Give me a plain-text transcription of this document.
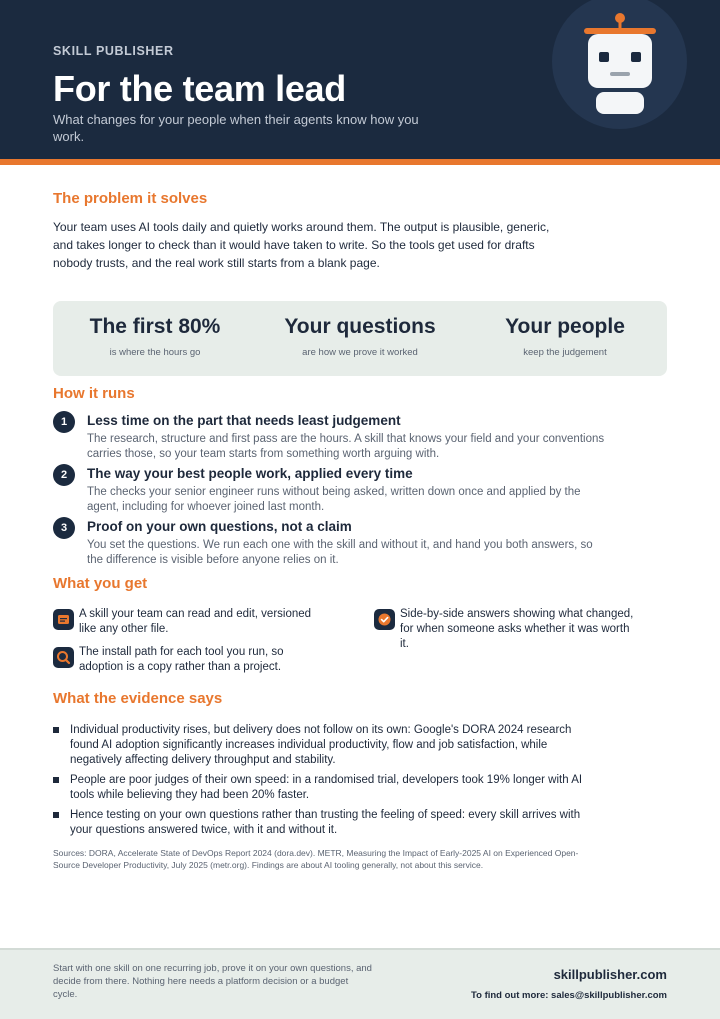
SKILL PUBLISHER
For the team lead
What changes for your people when their agents know how you work.
The problem it solves
Your team uses AI tools daily and quietly works around them. The output is plausible, generic, and takes longer to check than it would have taken to write. So the tools get used for drafts nobody trusts, and the real work still starts from a blank page.
The first 80%
is where the hours go
Your questions
are how we prove it worked
Your people
keep the judgement
How it runs
1	Less time on the part that needs least judgement
The research, structure and first pass are the hours. A skill that knows your field and your conventions carries those, so your team starts from something worth arguing with.
2	The way your best people work, applied every time
The checks your senior engineer runs without being asked, written down once and applied by the agent, including for whoever joined last month.
3	Proof on your own questions, not a claim
You set the questions. We run each one with the skill and without it, and hand you both answers, so the difference is visible before anyone relies on it.
What you get
A skill your team can read and edit, versioned like any other file.
The install path for each tool you run, so adoption is a copy rather than a project.
Side-by-side answers showing what changed, for when someone asks whether it was worth it.
What the evidence says
Individual productivity rises, but delivery does not follow on its own: Google's DORA 2024 research found AI adoption significantly increases individual productivity, flow and job satisfaction, while negatively affecting delivery throughput and stability.
People are poor judges of their own speed: in a randomised trial, developers took 19% longer with AI tools while believing they had been 20% faster.
Hence testing on your own questions rather than trusting the feeling of speed: every skill arrives with your questions answered twice, with it and without it.
Sources: DORA, Accelerate State of DevOps Report 2024 (dora.dev). METR, Measuring the Impact of Early-2025 AI on Experienced Open-Source Developer Productivity, July 2025 (metr.org). Findings are about AI tooling generally, not about this service.
Start with one skill on one recurring job, prove it on your own questions, and decide from there. Nothing here needs a platform decision or a budget cycle.
skillpublisher.com
To find out more: sales@skillpublisher.com
